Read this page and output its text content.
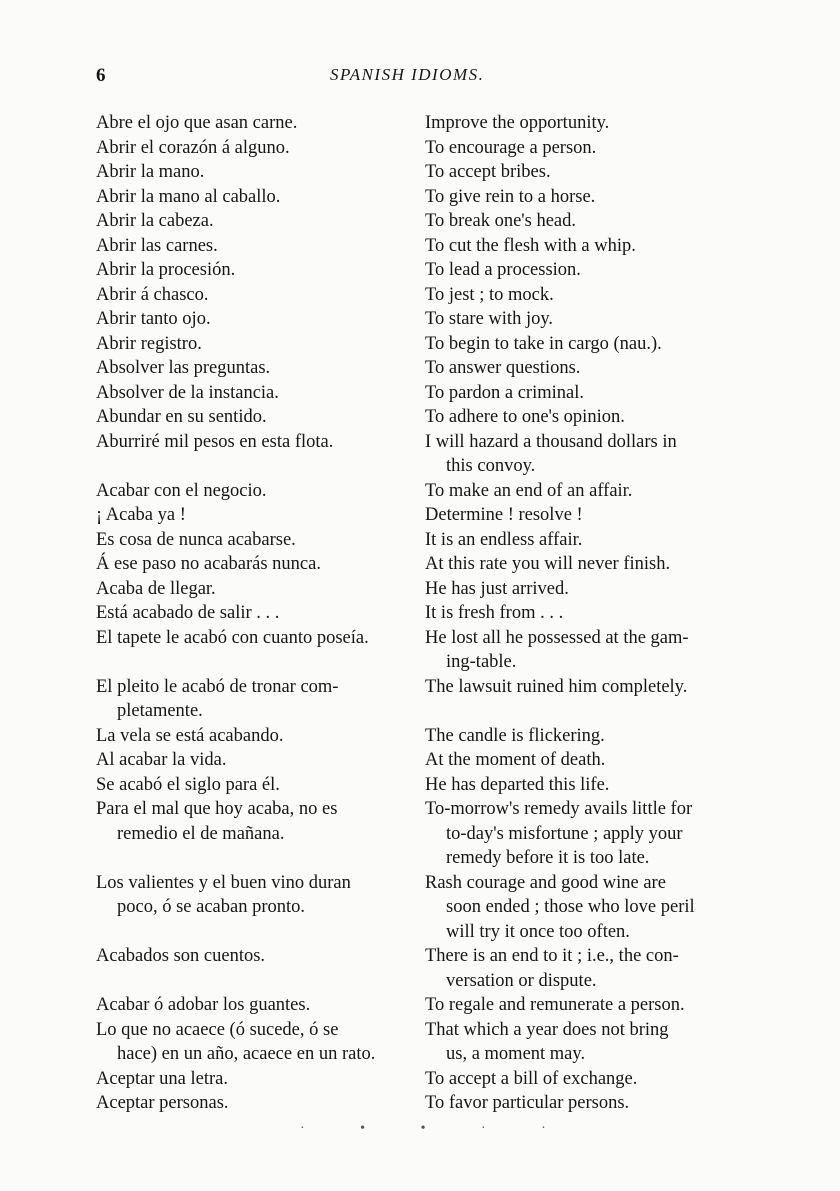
6	SPANISH IDIOMS.
Abre el ojo que asan carne.
Abrir el corazón á alguno.
Abrir la mano.
Abrir la mano al caballo.
Abrir la cabeza.
Abrir las carnes.
Abrir la procesión.
Abrir á chasco.
Abrir tanto ojo.
Abrir registro.
Absolver las preguntas.
Absolver de la instancia.
Abundar en su sentido.
Aburriré mil pesos en esta flota.
Acabar con el negocio.
¡ Acaba ya !
Es cosa de nunca acabarse.
Á ese paso no acabarás nunca.
Acaba de llegar.
Está acabado de salir . . .
El tapete le acabó con cuanto poseía.
El pleito le acabó de tronar com-
pletamente.
La vela se está acabando.
Al acabar la vida.
Se acabó el siglo para él.
Para el mal que hoy acaba, no es
remedio el de mañana.
Los valientes y el buen vino duran
poco, ó se acaban pronto.
Acabados son cuentos.
Acabar ó adobar los guantes.
Lo que no acaece (ó sucede, ó se
hace) en un año, acaece en un rato.
Aceptar una letra.
Aceptar personas.
Improve the opportunity.
To encourage a person.
To accept bribes.
To give rein to a horse.
To break one's head.
To cut the flesh with a whip.
To lead a procession.
To jest ; to mock.
To stare with joy.
To begin to take in cargo (nau.).
To answer questions.
To pardon a criminal.
To adhere to one's opinion.
I will hazard a thousand dollars in
this convoy.
To make an end of an affair.
Determine ! resolve !
It is an endless affair.
At this rate you will never finish.
He has just arrived.
It is fresh from . . .
He lost all he possessed at the gam-
ing-table.
The lawsuit ruined him completely.
The candle is flickering.
At the moment of death.
He has departed this life.
To-morrow's remedy avails little for
to-day's misfortune ; apply your
remedy before it is too late.
Rash courage and good wine are
soon ended ; those who love peril
will try it once too often.
There is an end to it ; i.e., the con-
versation or dispute.
To regale and remunerate a person.
That which a year does not bring
us, a moment may.
To accept a bill of exchange.
To favor particular persons.
· • • · ·
